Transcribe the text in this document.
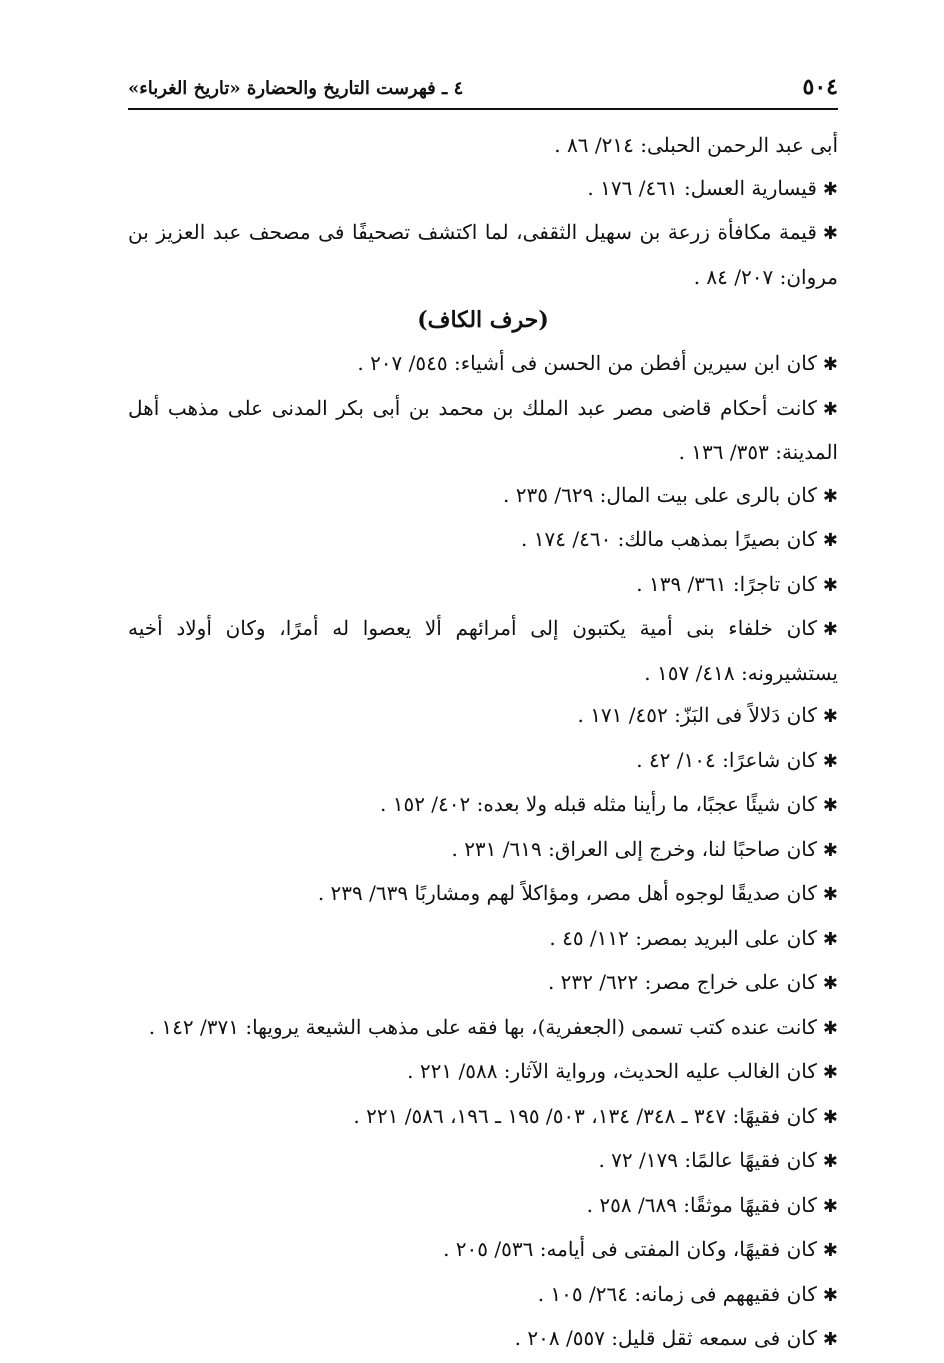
٥٠٤
٤ ـ فهرست التاريخ والحضارة «تاريخ الغرباء»

أبى عبد الرحمن الحبلى: ٢١٤/ ٨٦ .

✱قيسارية العسل: ٤٦١/ ١٧٦ .

✱قيمة مكافأة زرعة بن سهيل الثقفى، لما اكتشف تصحيفًا فى مصحف عبد العزيز بن مروان: ٢٠٧/ ٨٤ .

(حرف الكاف)

✱كان ابن سيرين أفطن من الحسن فى أشياء: ٥٤٥/ ٢٠٧ .

✱كانت أحكام قاضى مصر عبد الملك بن محمد بن أبى بكر المدنى على مذهب أهل المدينة: ٣٥٣/ ١٣٦ .

✱كان بالرى على بيت المال: ٦٢٩/ ٢٣٥ .

✱كان بصيرًا بمذهب مالك: ٤٦٠/ ١٧٤ .

✱كان تاجرًا: ٣٦١/ ١٣٩ .

✱كان خلفاء بنى أمية يكتبون إلى أمرائهم ألا يعصوا له أمرًا، وكان أولاد أخيه يستشيرونه: ٤١٨/ ١٥٧ .

✱كان دَلالاً فى البَزّ: ٤٥٢/ ١٧١ .

✱كان شاعرًا: ١٠٤/ ٤٢ .

✱كان شيئًا عجبًا، ما رأينا مثله قبله ولا بعده: ٤٠٢/ ١٥٢ .

✱كان صاحبًا لنا، وخرج إلى العراق: ٦١٩/ ٢٣١ .

✱كان صديقًا لوجوه أهل مصر، ومؤاكلاً لهم ومشاربًا ٦٣٩/ ٢٣٩ .

✱كان على البريد بمصر: ١١٢/ ٤٥ .

✱كان على خراج مصر: ٦٢٢/ ٢٣٢ .

✱كانت عنده كتب تسمى (الجعفرية)، بها فقه على مذهب الشيعة يرويها: ٣٧١/ ١٤٢ .

✱كان الغالب عليه الحديث، ورواية الآثار: ٥٨٨/ ٢٢١ .

✱كان فقيهًا: ٣٤٧ ـ ٣٤٨/ ١٣٤، ٥٠٣/ ١٩٥ ـ ١٩٦، ٥٨٦/ ٢٢١ .

✱كان فقيهًا عالمًا: ١٧٩/ ٧٢ .

✱كان فقيهًا موثقًا: ٦٨٩/ ٢٥٨ .

✱كان فقيهًا، وكان المفتى فى أيامه: ٥٣٦/ ٢٠٥ .

✱كان فقيههم فى زمانه: ٢٦٤/ ١٠٥ .

✱كان فى سمعه ثقل قليل: ٥٥٧/ ٢٠٨ .
